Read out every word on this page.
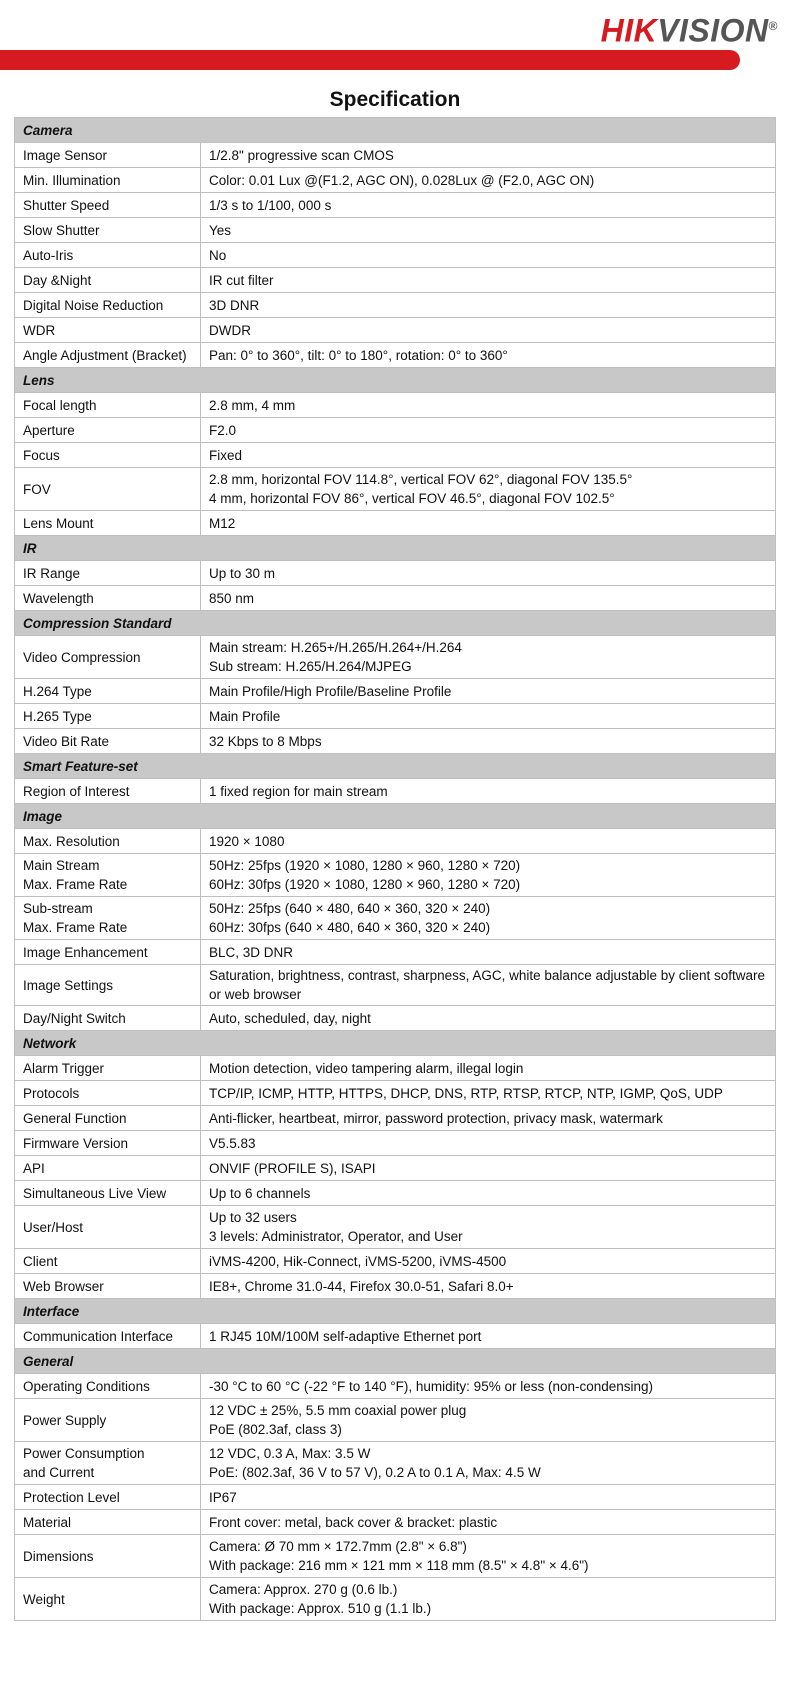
HIKVISION®
Specification
Camera	

Image Sensor	1/2.8" progressive scan CMOS

Min. Illumination	Color: 0.01 Lux @(F1.2, AGC ON), 0.028Lux @ (F2.0, AGC ON)

Shutter Speed	1/3 s to 1/100, 000 s

Slow Shutter	Yes

Auto-Iris	No

Day &Night	IR cut filter

Digital Noise Reduction	3D DNR

WDR	DWDR

Angle Adjustment (Bracket)	Pan: 0° to 360°, tilt: 0° to 180°, rotation: 0° to 360°

Lens	

Focal length	2.8 mm, 4 mm

Aperture	F2.0

Focus	Fixed

FOV	2.8 mm, horizontal FOV 114.8°, vertical FOV 62°, diagonal FOV 135.5°
4 mm, horizontal FOV 86°, vertical FOV 46.5°, diagonal FOV 102.5°

Lens Mount	M12

IR	

IR Range	Up to 30 m

Wavelength	850 nm

Compression Standard	

Video Compression	Main stream: H.265+/H.265/H.264+/H.264
Sub stream: H.265/H.264/MJPEG

H.264 Type	Main Profile/High Profile/Baseline Profile

H.265 Type	Main Profile

Video Bit Rate	32 Kbps to 8 Mbps

Smart Feature-set	

Region of Interest	1 fixed region for main stream

Image	

Max. Resolution	1920 × 1080

Main Stream
Max. Frame Rate	50Hz: 25fps (1920 × 1080, 1280 × 960, 1280 × 720)
60Hz: 30fps (1920 × 1080, 1280 × 960, 1280 × 720)

Sub-stream
Max. Frame Rate	50Hz: 25fps (640 × 480, 640 × 360, 320 × 240)
60Hz: 30fps (640 × 480, 640 × 360, 320 × 240)

Image Enhancement	BLC, 3D DNR

Image Settings	Saturation, brightness, contrast, sharpness, AGC, white balance adjustable by client software or web browser

Day/Night Switch	Auto, scheduled, day, night

Network	

Alarm Trigger	Motion detection, video tampering alarm, illegal login

Protocols	TCP/IP, ICMP, HTTP, HTTPS, DHCP, DNS, RTP, RTSP, RTCP, NTP, IGMP, QoS, UDP

General Function	Anti-flicker, heartbeat, mirror, password protection, privacy mask, watermark

Firmware Version	V5.5.83

API	ONVIF (PROFILE S), ISAPI

Simultaneous Live View	Up to 6 channels

User/Host	Up to 32 users
3 levels: Administrator, Operator, and User

Client	iVMS-4200, Hik-Connect, iVMS-5200, iVMS-4500

Web Browser	IE8+, Chrome 31.0-44, Firefox 30.0-51, Safari 8.0+

Interface	

Communication Interface	1 RJ45 10M/100M self-adaptive Ethernet port

General	

Operating Conditions	-30 °C to 60 °C (-22 °F to 140 °F), humidity: 95% or less (non-condensing)

Power Supply	12 VDC ± 25%, 5.5 mm coaxial power plug
PoE (802.3af, class 3)

Power Consumption
and Current	12 VDC, 0.3 A, Max: 3.5 W
PoE: (802.3af, 36 V to 57 V), 0.2 A to 0.1 A, Max: 4.5 W

Protection Level	IP67

Material	Front cover: metal, back cover & bracket: plastic

Dimensions	Camera: Ø 70 mm × 172.7mm (2.8" × 6.8")
With package: 216 mm × 121 mm × 118 mm (8.5" × 4.8" × 4.6")

Weight	Camera: Approx. 270 g (0.6 lb.)
With package: Approx. 510 g (1.1 lb.)
